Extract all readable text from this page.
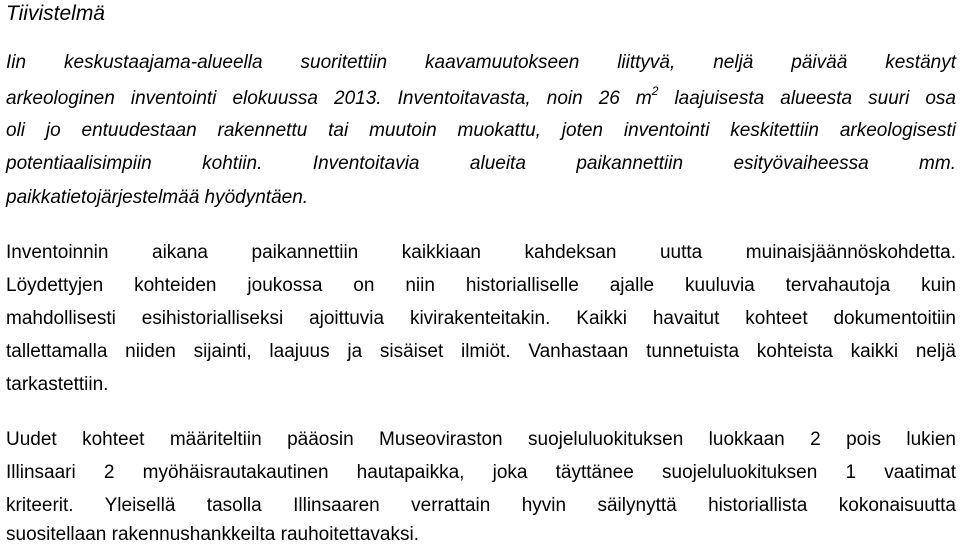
Tiivistelmä
Iin keskustaajama-alueella suoritettiin kaavamuutokseen liittyvä, neljä päivää kestänyt
arkeologinen inventointi elokuussa 2013. Inventoitavasta, noin 26 $m^2$ laajuisesta alueesta suuri osa
oli jo entuudestaan rakennettu tai muutoin muokattu, joten inventointi keskitettiin arkeologisesti
potentiaalisimpiin kohtiin. Inventoitavia alueita paikannettiin esityövaiheessa mm.
paikkatietojärjestelmää hyödyntäen.
Inventoinnin aikana paikannettiin kaikkiaan kahdeksan uutta muinaisjäännöskohdetta.
Löydettyjen kohteiden joukossa on niin historialliselle ajalle kuuluvia tervahautoja kuin
mahdollisesti esihistorialliseksi ajoittuvia kivirakenteitakin. Kaikki havaitut kohteet dokumentoitiin
tallettamalla niiden sijainti, laajuus ja sisäiset ilmiöt. Vanhastaan tunnetuista kohteista kaikki neljä
tarkastettiin.
Uudet kohteet määriteltiin pääosin Museoviraston suojeluluokituksen luokkaan 2 pois lukien
Illinsaari 2 myöhäisrautakautinen hautapaikka, joka täyttänee suojeluluokituksen 1 vaatimat
kriteerit. Yleisellä tasolla Illinsaaren verrattain hyvin säilynyttä historiallista kokonaisuutta
suositellaan rakennushankkeilta rauhoitettavaksi.
